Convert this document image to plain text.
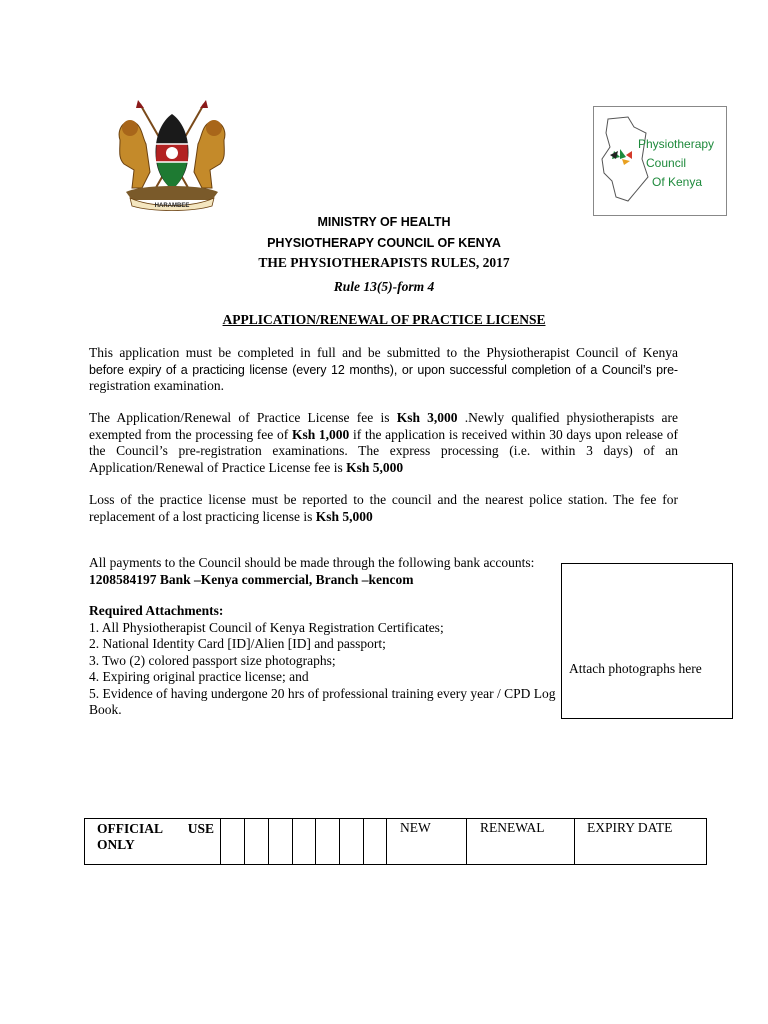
HARAMBEE
Physiotherapy
Council
Of Kenya
MINISTRY OF HEALTH
PHYSIOTHERAPY COUNCIL OF KENYA
THE PHYSIOTHERAPISTS RULES, 2017
Rule 13(5)-form 4
APPLICATION/RENEWAL OF PRACTICE LICENSE
This application must be completed in full and be submitted to the Physiotherapist Council of Kenya
before expiry of a practicing license (every 12 months), or upon successful completion of a Council’s pre-
registration examination.
The Application/Renewal of Practice License fee is Ksh 3,000 .Newly qualified physiotherapists are exempted from the processing fee of Ksh 1,000 if the application is received within 30 days upon release of the Council’s pre-registration examinations. The express processing (i.e. within 3 days) of an Application/Renewal of Practice License fee is Ksh 5,000
Loss of the practice license must be reported to the council and the nearest police station. The fee for replacement of a lost practicing license is Ksh 5,000
All payments to the Council should be made through the following bank accounts:
1208584197 Bank –Kenya commercial, Branch –kencom
Required Attachments:
1. All Physiotherapist Council of Kenya Registration Certificates;
2. National Identity Card [ID]/Alien [ID] and passport;
3. Two (2) colored passport size photographs;
4. Expiring original practice license; and
5. Evidence of having undergone 20 hrs of professional training every year / CPD Log Book.
Attach photographs here
OFFICIAL USE
ONLY
								NEW	RENEWAL	EXPIRY DATE
